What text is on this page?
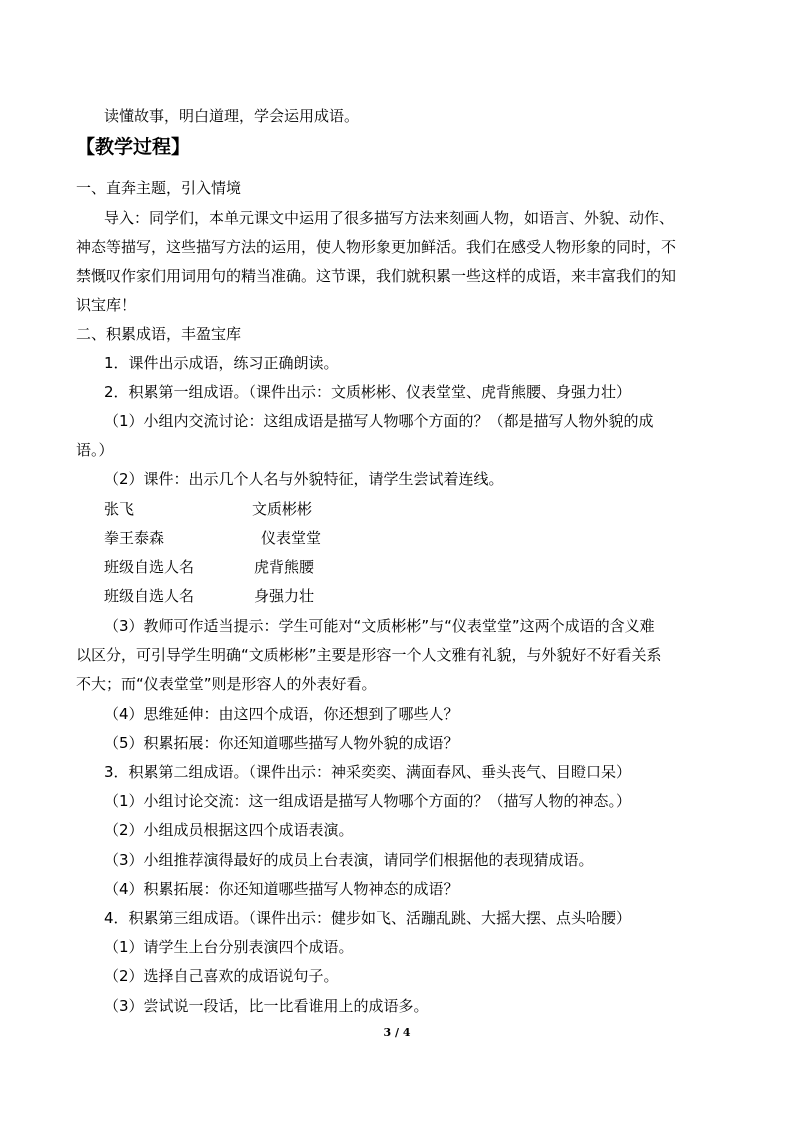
读懂故事，明白道理，学会运用成语。
【教学过程】
一、直奔主题，引入情境
导入：同学们，本单元课文中运用了很多描写方法来刻画人物，如语言、外貌、动作、
神态等描写，这些描写方法的运用，使人物形象更加鲜活。我们在感受人物形象的同时，不
禁慨叹作家们用词用句的精当准确。这节课，我们就积累一些这样的成语，来丰富我们的知
识宝库！
二、积累成语，丰盈宝库
1．课件出示成语，练习正确朗读。
2．积累第一组成语。（课件出示：文质彬彬、仪表堂堂、虎背熊腰、身强力壮）
（1）小组内交流讨论：这组成语是描写人物哪个方面的？（都是描写人物外貌的成
语。）
（2）课件：出示几个人名与外貌特征，请学生尝试着连线。
张飞	文质彬彬
拳王泰森	仪表堂堂
班级自选人名	虎背熊腰
班级自选人名	身强力壮
（3）教师可作适当提示：学生可能对“文质彬彬”与“仪表堂堂”这两个成语的含义难
以区分，可引导学生明确“文质彬彬”主要是形容一个人文雅有礼貌，与外貌好不好看关系
不大；而“仪表堂堂”则是形容人的外表好看。
（4）思维延伸：由这四个成语，你还想到了哪些人？
（5）积累拓展：你还知道哪些描写人物外貌的成语？
3．积累第二组成语。（课件出示：神采奕奕、满面春风、垂头丧气、目瞪口呆）
（1）小组讨论交流：这一组成语是描写人物哪个方面的？（描写人物的神态。）
（2）小组成员根据这四个成语表演。
（3）小组推荐演得最好的成员上台表演，请同学们根据他的表现猜成语。
（4）积累拓展：你还知道哪些描写人物神态的成语？
4．积累第三组成语。（课件出示：健步如飞、活蹦乱跳、大摇大摆、点头哈腰）
（1）请学生上台分别表演四个成语。
（2）选择自己喜欢的成语说句子。
（3）尝试说一段话，比一比看谁用上的成语多。
3 / 4
